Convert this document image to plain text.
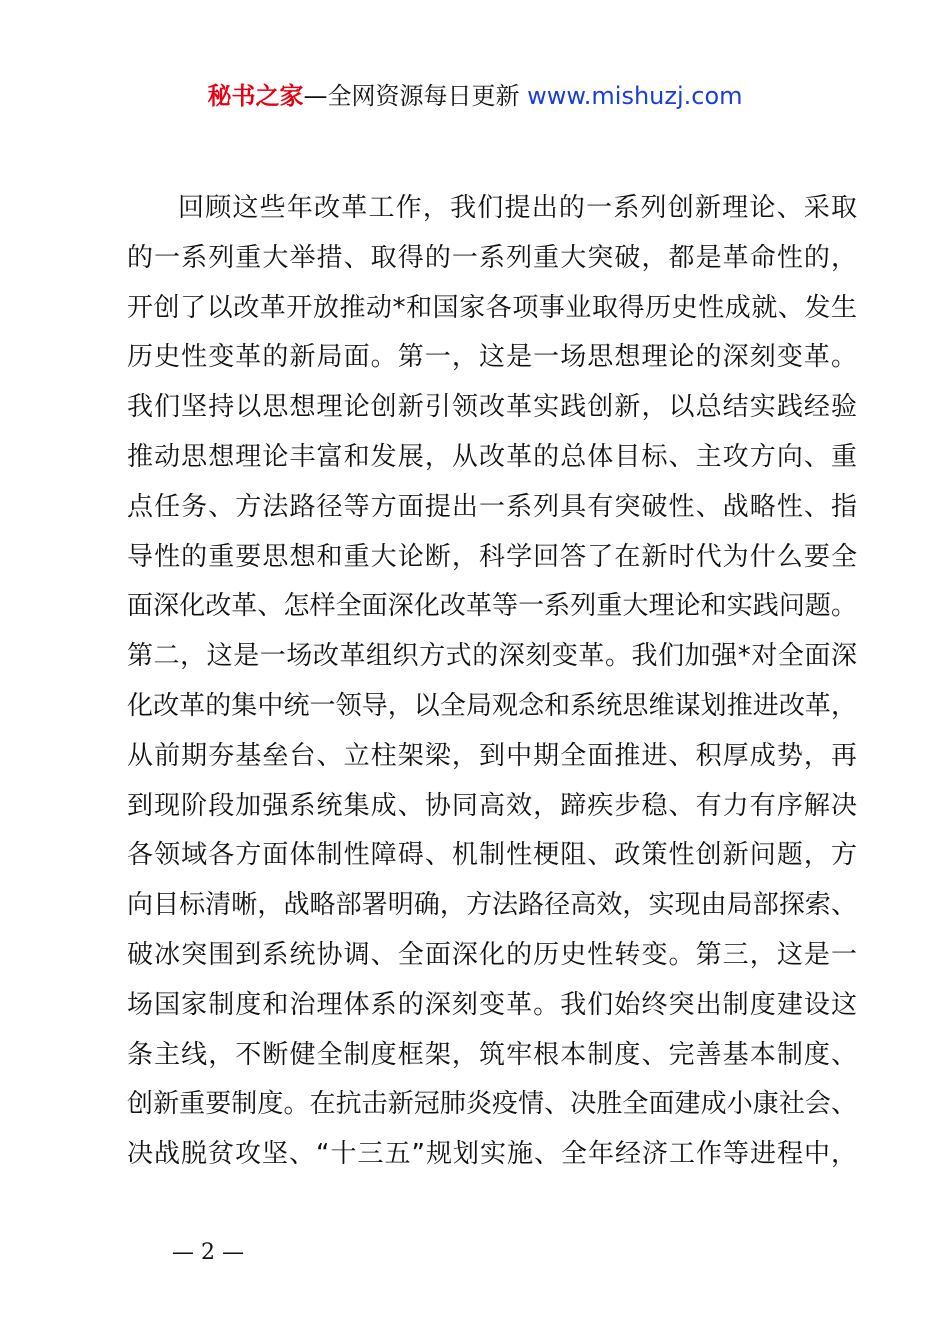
秘书之家—全网资源每日更新 www.mishuzj.com
回顾这些年改革工作，我们提出的一系列创新理论、采取
的一系列重大举措、取得的一系列重大突破，都是革命性的，
开创了以改革开放推动*和国家各项事业取得历史性成就、发生
历史性变革的新局面。第一，这是一场思想理论的深刻变革。
我们坚持以思想理论创新引领改革实践创新，以总结实践经验
推动思想理论丰富和发展，从改革的总体目标、主攻方向、重
点任务、方法路径等方面提出一系列具有突破性、战略性、指
导性的重要思想和重大论断，科学回答了在新时代为什么要全
面深化改革、怎样全面深化改革等一系列重大理论和实践问题。
第二，这是一场改革组织方式的深刻变革。我们加强*对全面深
化改革的集中统一领导，以全局观念和系统思维谋划推进改革，
从前期夯基垒台、立柱架梁，到中期全面推进、积厚成势，再
到现阶段加强系统集成、协同高效，蹄疾步稳、有力有序解决
各领域各方面体制性障碍、机制性梗阻、政策性创新问题，方
向目标清晰，战略部署明确，方法路径高效，实现由局部探索、
破冰突围到系统协调、全面深化的历史性转变。第三，这是一
场国家制度和治理体系的深刻变革。我们始终突出制度建设这
条主线，不断健全制度框架，筑牢根本制度、完善基本制度、
创新重要制度。在抗击新冠肺炎疫情、决胜全面建成小康社会、
决战脱贫攻坚、“十三五”规划实施、全年经济工作等进程中，
— 2 —
